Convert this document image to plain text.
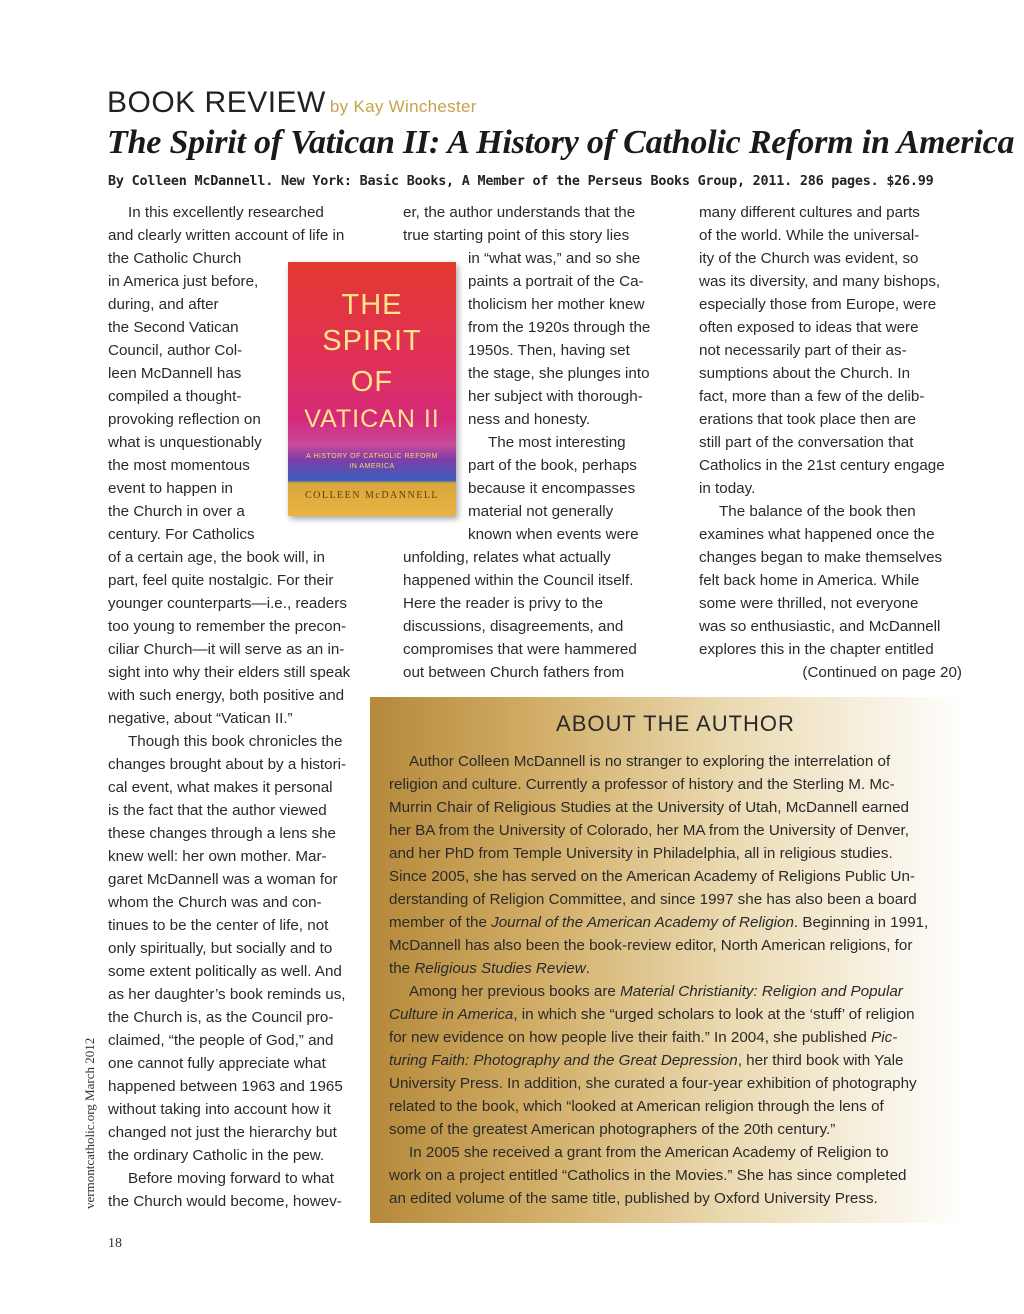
BOOK REVIEW by Kay Winchester
The Spirit of Vatican II: A History of Catholic Reform in America
By Colleen McDannell. New York: Basic Books, A Member of the Perseus Books Group, 2011. 286 pages. $26.99
In this excellently researched
and clearly written account of life in
the Catholic Church
in America just before,
during, and after
the Second Vatican
Council, author Col-
leen McDannell has
compiled a thought-
provoking reflection on
what is unquestionably
the most momentous
event to happen in
the Church in over a
century. For Catholics
of a certain age, the book will, in
part, feel quite nostalgic. For their
younger counterparts—i.e., readers
too young to remember the precon-
ciliar Church—it will serve as an in-
sight into why their elders still speak
with such energy, both positive and
negative, about “Vatican II.”
Though this book chronicles the
changes brought about by a histori-
cal event, what makes it personal
is the fact that the author viewed
these changes through a lens she
knew well: her own mother. Mar-
garet McDannell was a woman for
whom the Church was and con-
tinues to be the center of life, not
only spiritually, but socially and to
some extent politically as well. And
as her daughter’s book reminds us,
the Church is, as the Council pro-
claimed, “the people of God,” and
one cannot fully appreciate what
happened between 1963 and 1965
without taking into account how it
changed not just the hierarchy but
the ordinary Catholic in the pew.
Before moving forward to what
the Church would become, howev-
er, the author understands that the
true starting point of this story lies
in “what was,” and so she
paints a portrait of the Ca-
tholicism her mother knew
from the 1920s through the
1950s. Then, having set
the stage, she plunges into
her subject with thorough-
ness and honesty.
The most interesting
part of the book, perhaps
because it encompasses
material not generally
known when events were
unfolding, relates what actually
happened within the Council itself.
Here the reader is privy to the
discussions, disagreements, and
compromises that were hammered
out between Church fathers from
many different cultures and parts
of the world. While the universal-
ity of the Church was evident, so
was its diversity, and many bishops,
especially those from Europe, were
often exposed to ideas that were
not necessarily part of their as-
sumptions about the Church. In
fact, more than a few of the delib-
erations that took place then are
still part of the conversation that
Catholics in the 21st century engage
in today.
The balance of the book then
examines what happened once the
changes began to make themselves
felt back home in America. While
some were thrilled, not everyone
was so enthusiastic, and McDannell
explores this in the chapter entitled
(Continued on page 20)
THE
SPIRIT
OF
VATICAN II
A HISTORY OF CATHOLIC REFORM
IN AMERICA
COLLEEN McDANNELL
ABOUT THE AUTHOR
Author Colleen McDannell is no stranger to exploring the interrelation of
religion and culture. Currently a professor of history and the Sterling M. Mc-
Murrin Chair of Religious Studies at the University of Utah, McDannell earned
her BA from the University of Colorado, her MA from the University of Denver,
and her PhD from Temple University in Philadelphia, all in religious studies.
Since 2005, she has served on the American Academy of Religions Public Un-
derstanding of Religion Committee, and since 1997 she has also been a board
member of the Journal of the American Academy of Religion. Beginning in 1991,
McDannell has also been the book-review editor, North American religions, for
the Religious Studies Review.
Among her previous books are Material Christianity: Religion and Popular
Culture in America, in which she “urged scholars to look at the ‘stuff’ of religion
for new evidence on how people live their faith.” In 2004, she published Pic-
turing Faith: Photography and the Great Depression, her third book with Yale
University Press. In addition, she curated a four-year exhibition of photography
related to the book, which “looked at American religion through the lens of
some of the greatest American photographers of the 20th century.”
In 2005 she received a grant from the American Academy of Religion to
work on a project entitled “Catholics in the Movies.” She has since completed
an edited volume of the same title, published by Oxford University Press.
vermontcatholic.org March 2012
18
